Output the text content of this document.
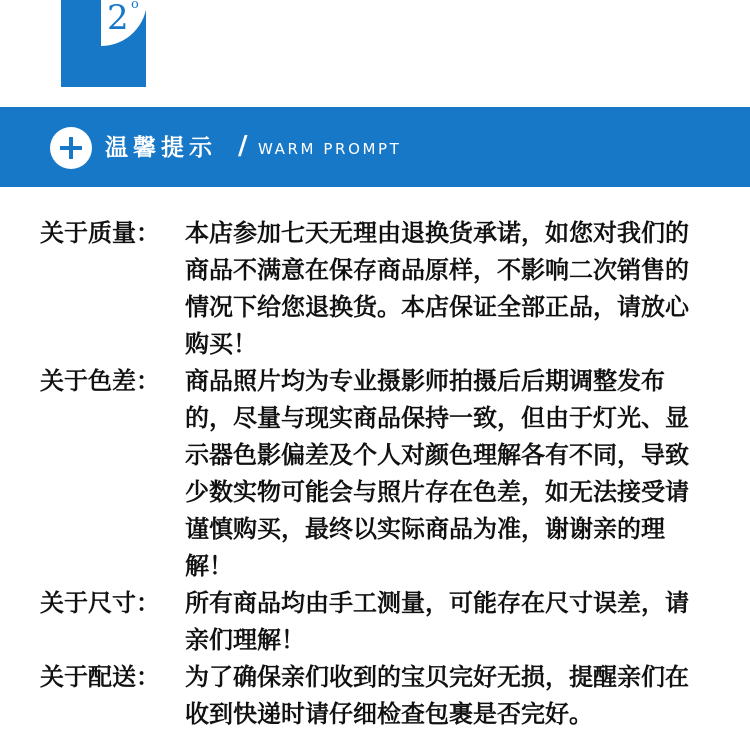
2 o
温馨提示 / WARM PROMPT
关于质量：	本店参加七天无理由退换货承诺，如您对我们的商品不满意在保存商品原样，不影响二次销售的情况下给您退换货。本店保证全部正品，请放心购买！
关于色差：	商品照片均为专业摄影师拍摄后后期调整发布的，尽量与现实商品保持一致，但由于灯光、显示器色影偏差及个人对颜色理解各有不同，导致少数实物可能会与照片存在色差，如无法接受请谨慎购买，最终以实际商品为准，谢谢亲的理解！
关于尺寸：	所有商品均由手工测量，可能存在尺寸误差，请亲们理解！
关于配送：	为了确保亲们收到的宝贝完好无损，提醒亲们在收到快递时请仔细检查包裹是否完好。
